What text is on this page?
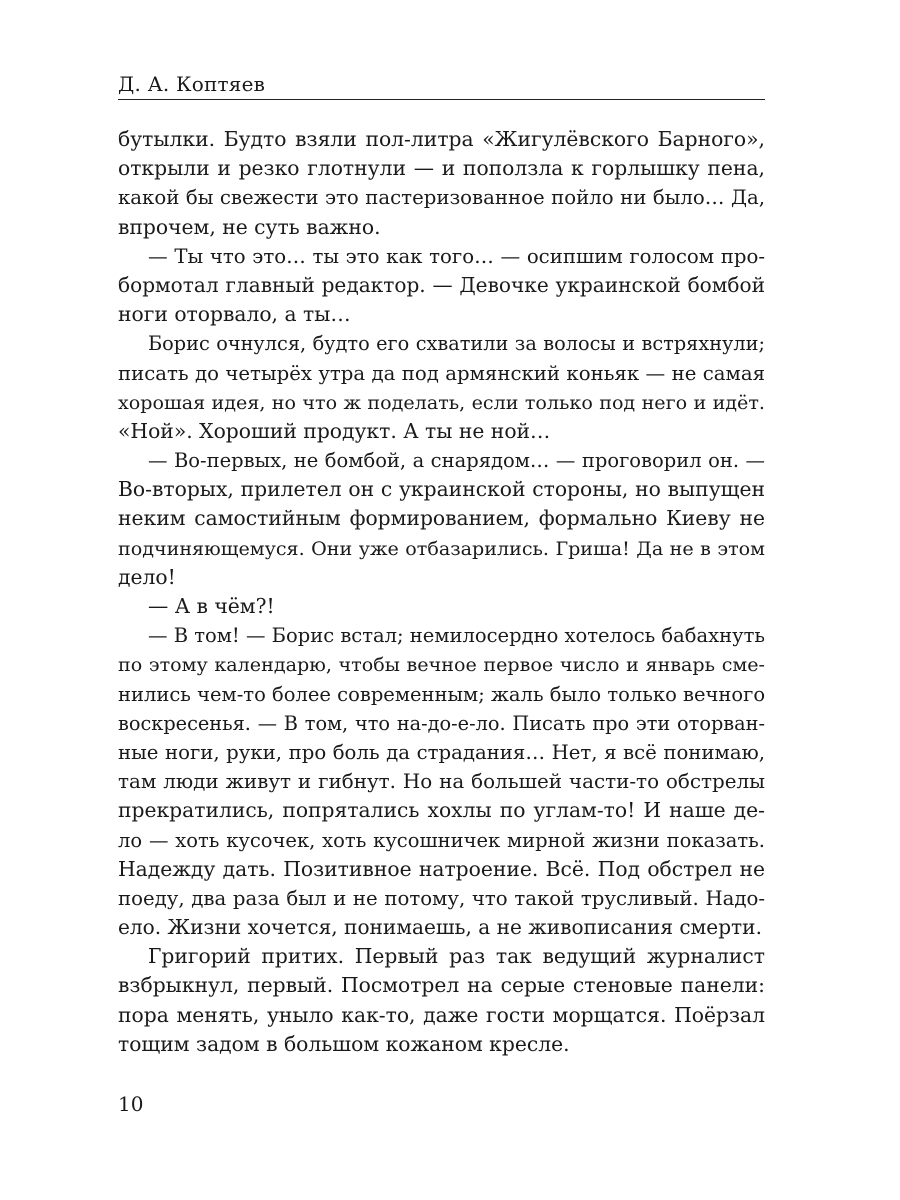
Д. А. Коптяев
бутылки. Будто взяли пол-литра «Жигулёвского Барного»,
открыли и резко глотнули — и поползла к горлышку пена,
какой бы свежести это пастеризованное пойло ни было… Да,
впрочем, не суть важно.
— Ты что это… ты это как того… — осипшим голосом про-
бормотал главный редактор. — Девочке украинской бомбой
ноги оторвало, а ты…
Борис очнулся, будто его схватили за волосы и встряхнули;
писать до четырёх утра да под армянский коньяк — не самая
хорошая идея, но что ж поделать, если только под него и идёт.
«Ной». Хороший продукт. А ты не ной…
— Во-первых, не бомбой, а снарядом… — проговорил он. —
Во-вторых, прилетел он с украинской стороны, но выпущен
неким самостийным формированием, формально Киеву не
подчиняющемуся. Они уже отбазарились. Гриша! Да не в этом
дело!
— А в чём?!
— В том! — Борис встал; немилосердно хотелось бабахнуть
по этому календарю, чтобы вечное первое число и январь сме-
нились чем-то более современным; жаль было только вечного
воскресенья. — В том, что на-до-е-ло. Писать про эти оторван-
ные ноги, руки, про боль да страдания… Нет, я всё понимаю,
там люди живут и гибнут. Но на большей части-то обстрелы
прекратились, попрятались хохлы по углам-то! И наше де-
ло — хоть кусочек, хоть кусошничек мирной жизни показать.
Надежду дать. Позитивное натроение. Всё. Под обстрел не
поеду, два раза был и не потому, что такой трусливый. Надо-
ело. Жизни хочется, понимаешь, а не живописания смерти.
Григорий притих. Первый раз так ведущий журналист
взбрыкнул, первый. Посмотрел на серые стеновые панели:
пора менять, уныло как-то, даже гости морщатся. Поёрзал
тощим задом в большом кожаном кресле.
10
